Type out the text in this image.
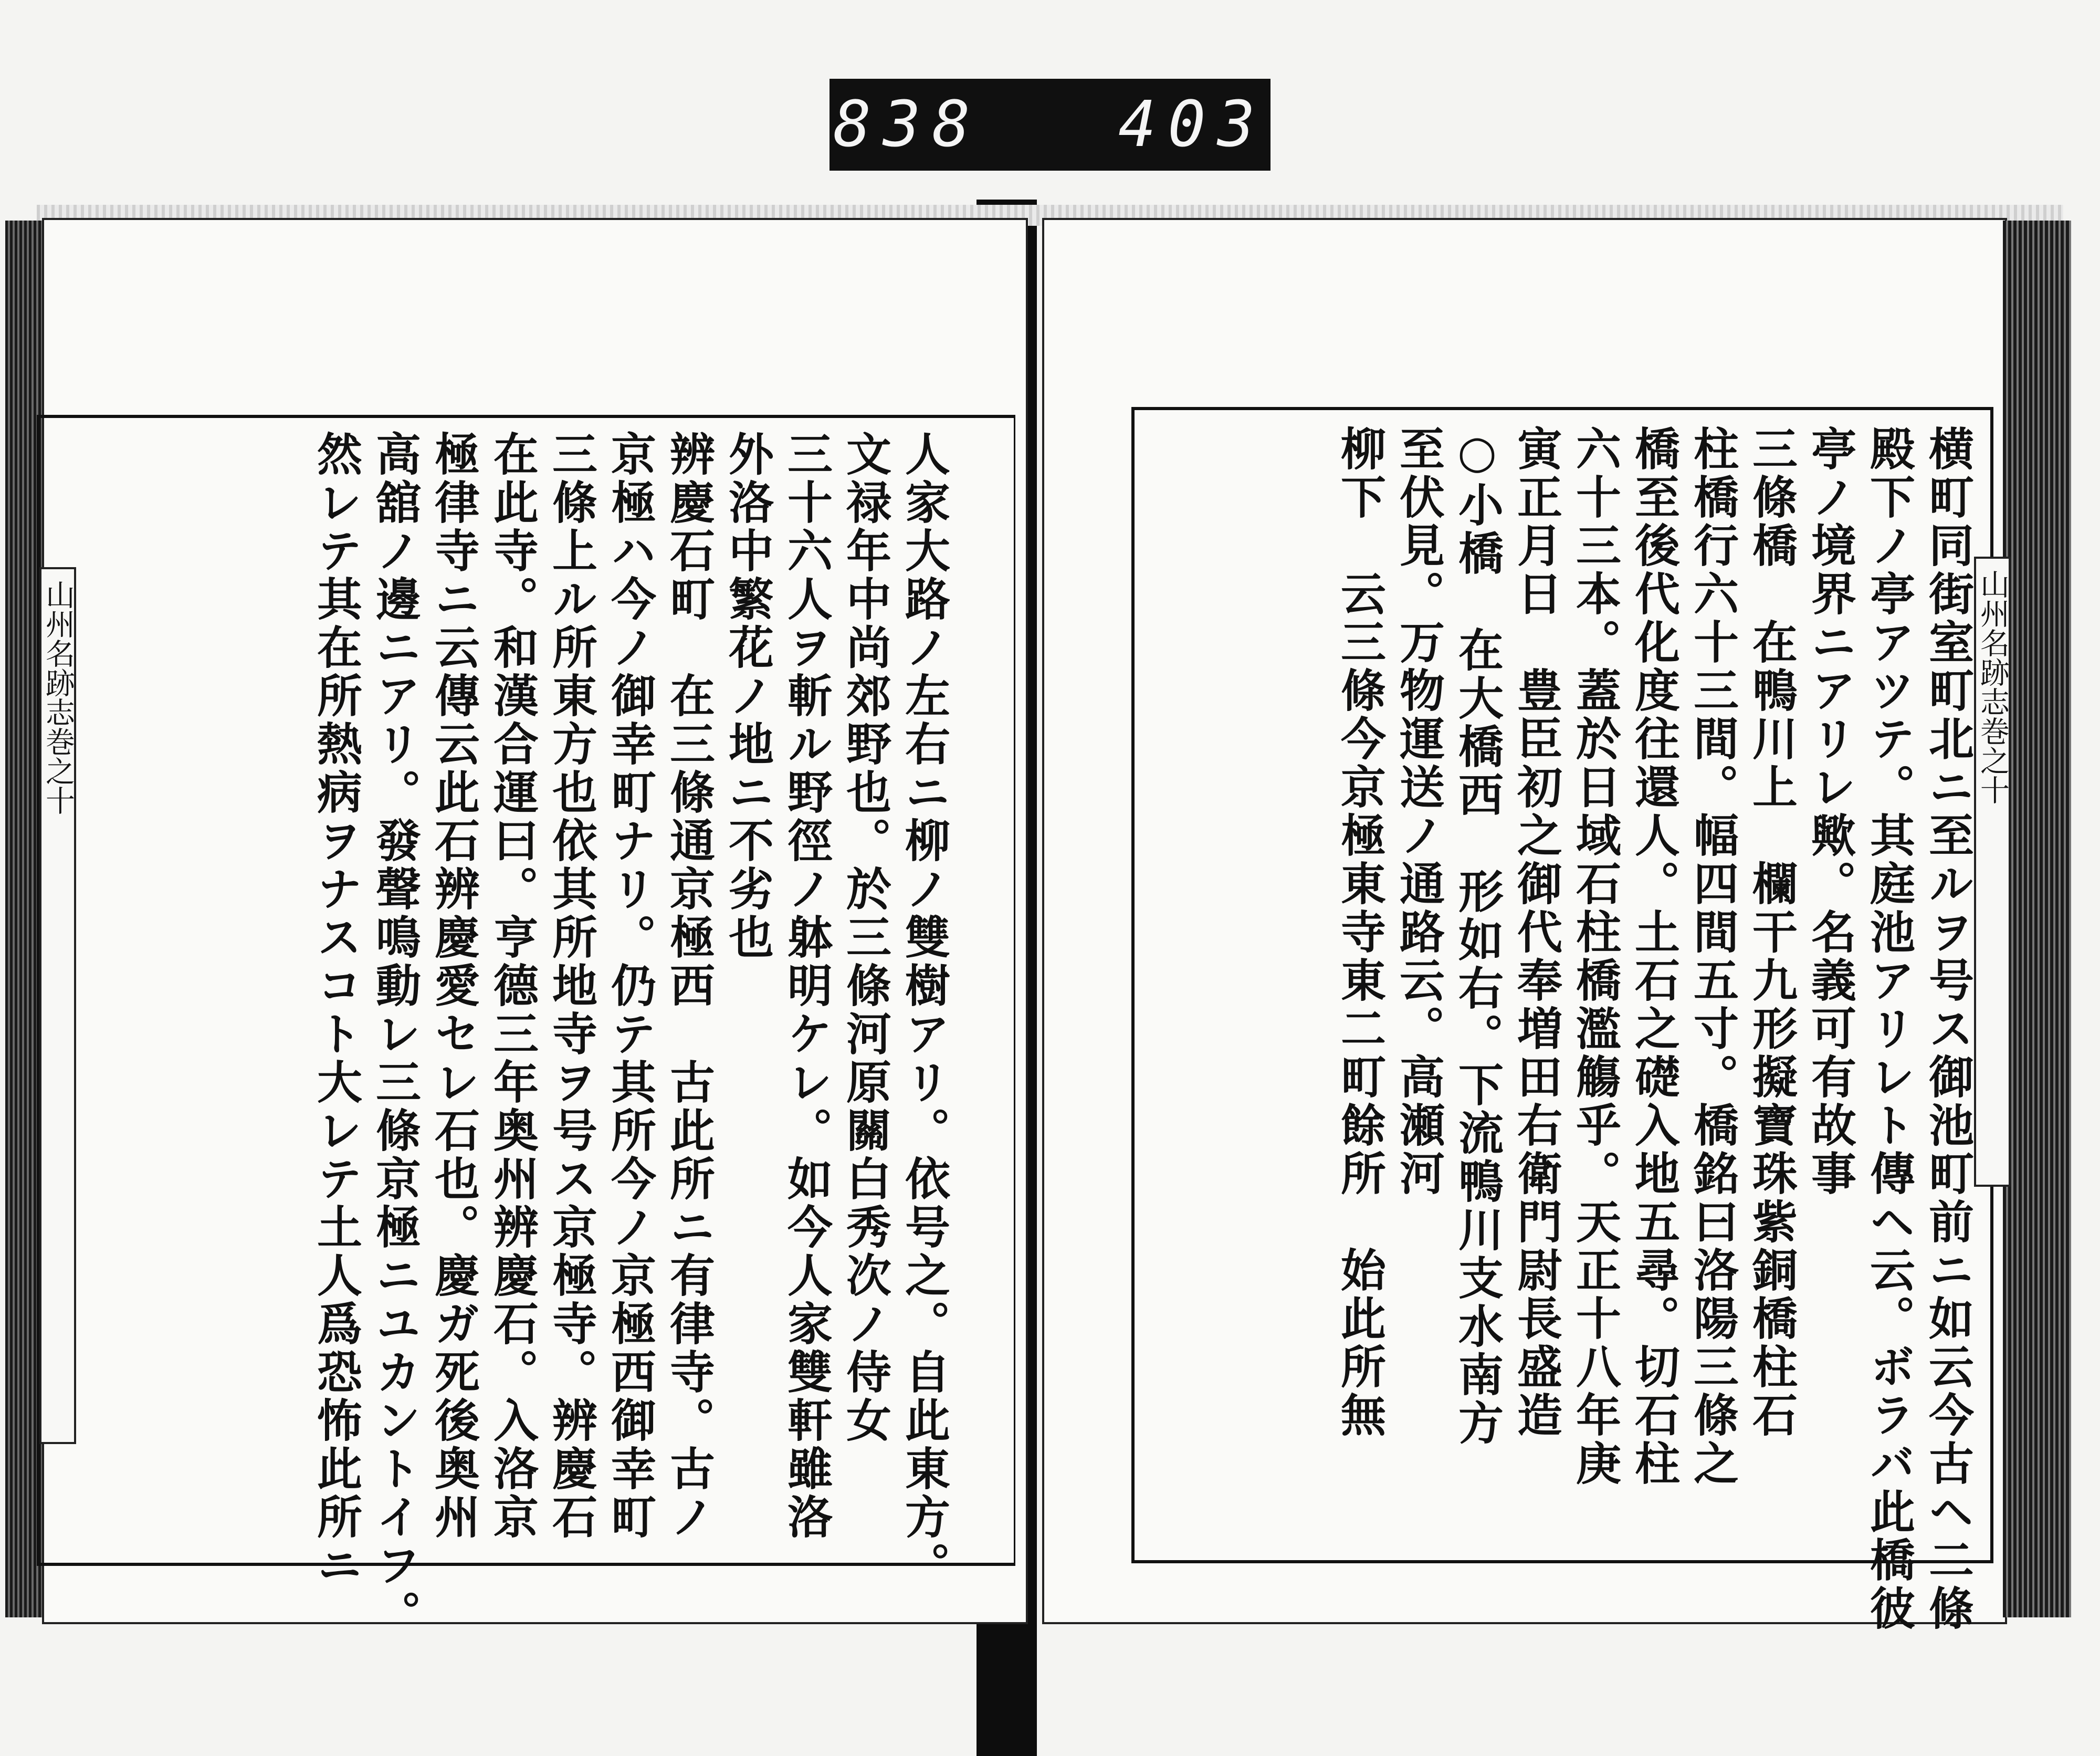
838 403
山州名跡志巻之十	山州名跡志巻之十
人家大路ノ左右ニ柳ノ雙樹アリ。依号之。自此東方。
文禄年中尚郊野也。於三條河原關白秀次ノ侍女
三十六人ヲ斬ル野徑ノ躰明ケレ。如今人家雙軒雖洛
外洛中繁花ノ地ニ不劣也
辨慶石町　在三條通京極西　古此所ニ有律寺。古ノ
京極ハ今ノ御幸町ナリ。仍テ其所今ノ京極西御幸町
三條上ル所東方也依其所地寺ヲ号ス京極寺。辨慶石
在此寺。和漢合運曰。亨德三年奥州辨慶石。入洛京
極律寺ニ云傳云此石辨慶愛セレ石也。慶ガ死後奥州
高舘ノ邊ニアリ。發聲鳴動レ三條京極ニユカントイフ。
然レテ其在所熱病ヲナスコト大レテ土人爲恐怖此所ニ	横町同街室町北ニ至ルヲ号ス御池町前ニ如云今古ヘ二條
殿下ノ亭アツテ。其庭池アリレト傳ヘ云。ボラバ此橋彼
亭ノ境界ニアリレ歟。名義可有故事
三條橋　在鴨川上　欄干九形擬寶珠紫銅橋柱石
柱橋行六十三間。幅四間五寸。橋銘曰洛陽三條之
橋至後代化度往還人。土石之礎入地五尋。切石柱
六十三本。蓋於日域石柱橋濫觴乎。天正十八年庚
寅正月日　豊臣初之御代奉増田右衛門尉長盛造
○小橋　在大橋西　形如右。下流鴨川支水南方
至伏見。万物運送ノ通路云。高瀬河
柳下　云三條今京極東寺東二町餘所　始此所無
